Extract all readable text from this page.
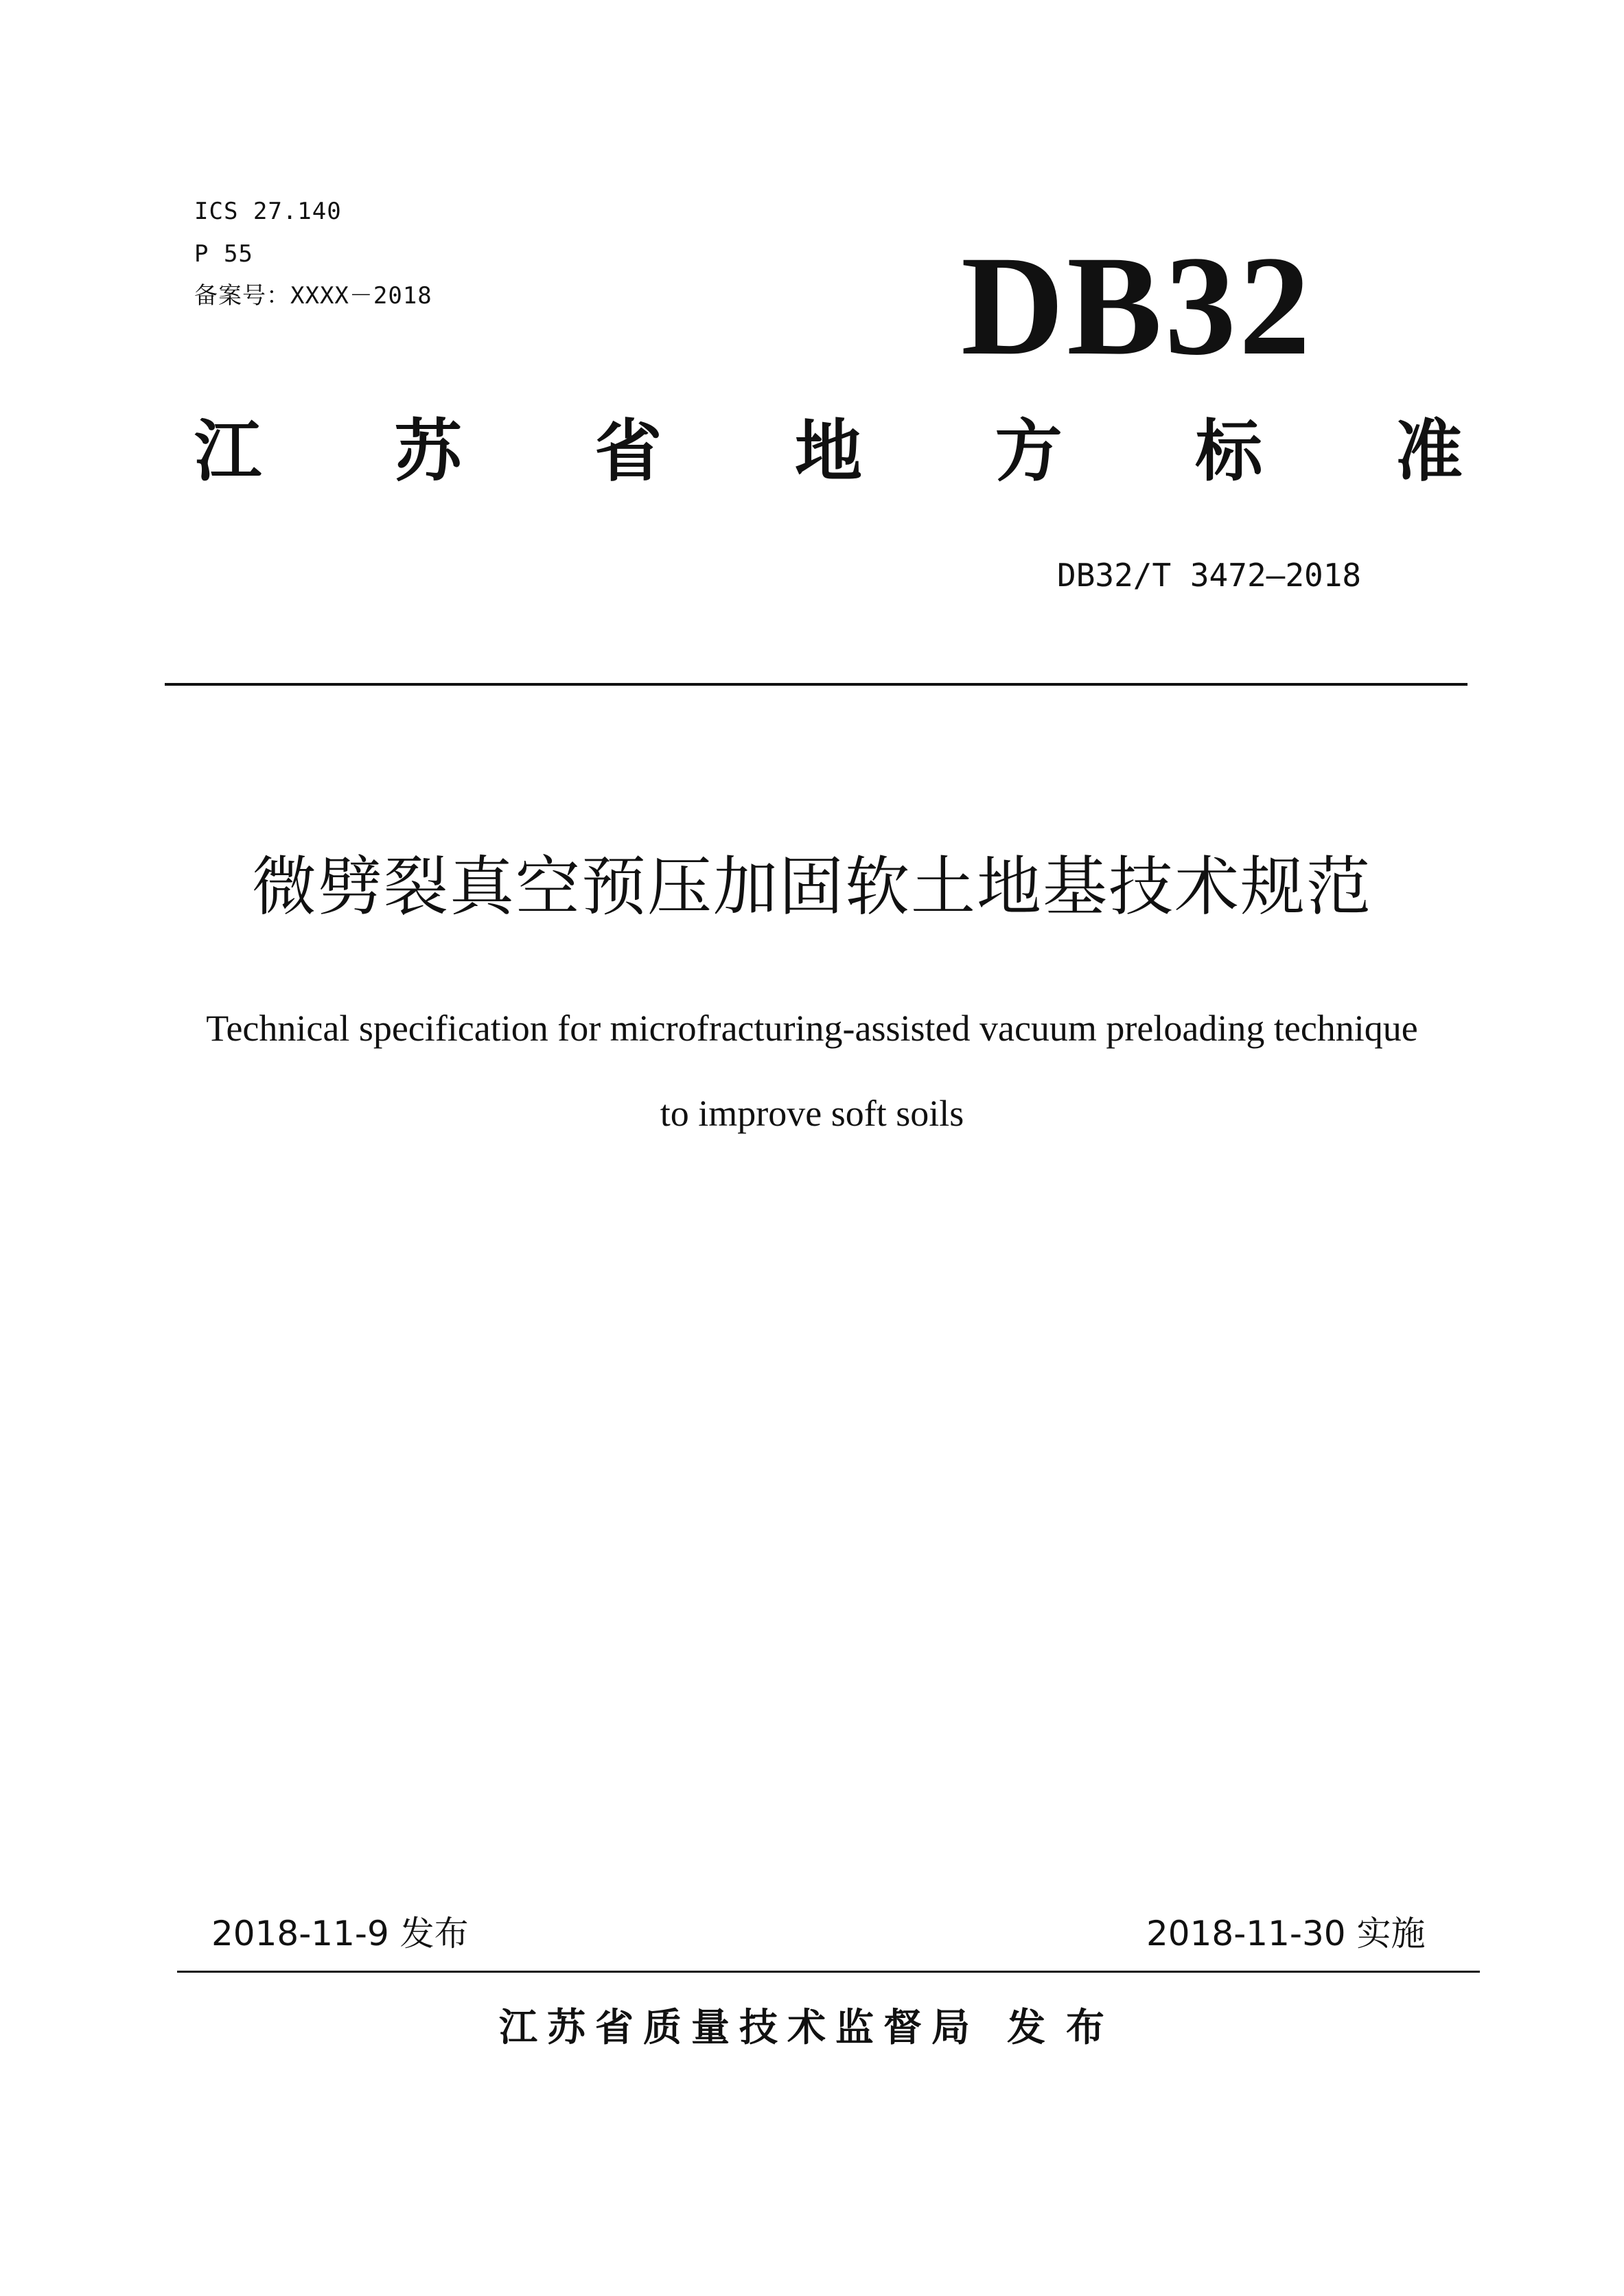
ICS 27.140
P 55
备案号：XXXX－2018	DB32
江 苏 省 地 方 标 准
DB32/T 3472—2018
微劈裂真空预压加固软土地基技术规范
Technical specification for microfracturing-assisted vacuum preloading technique
to improve soft soils
2018-11-9 发布	2018-11-30 实施
江苏省质量技术监督局 发布
